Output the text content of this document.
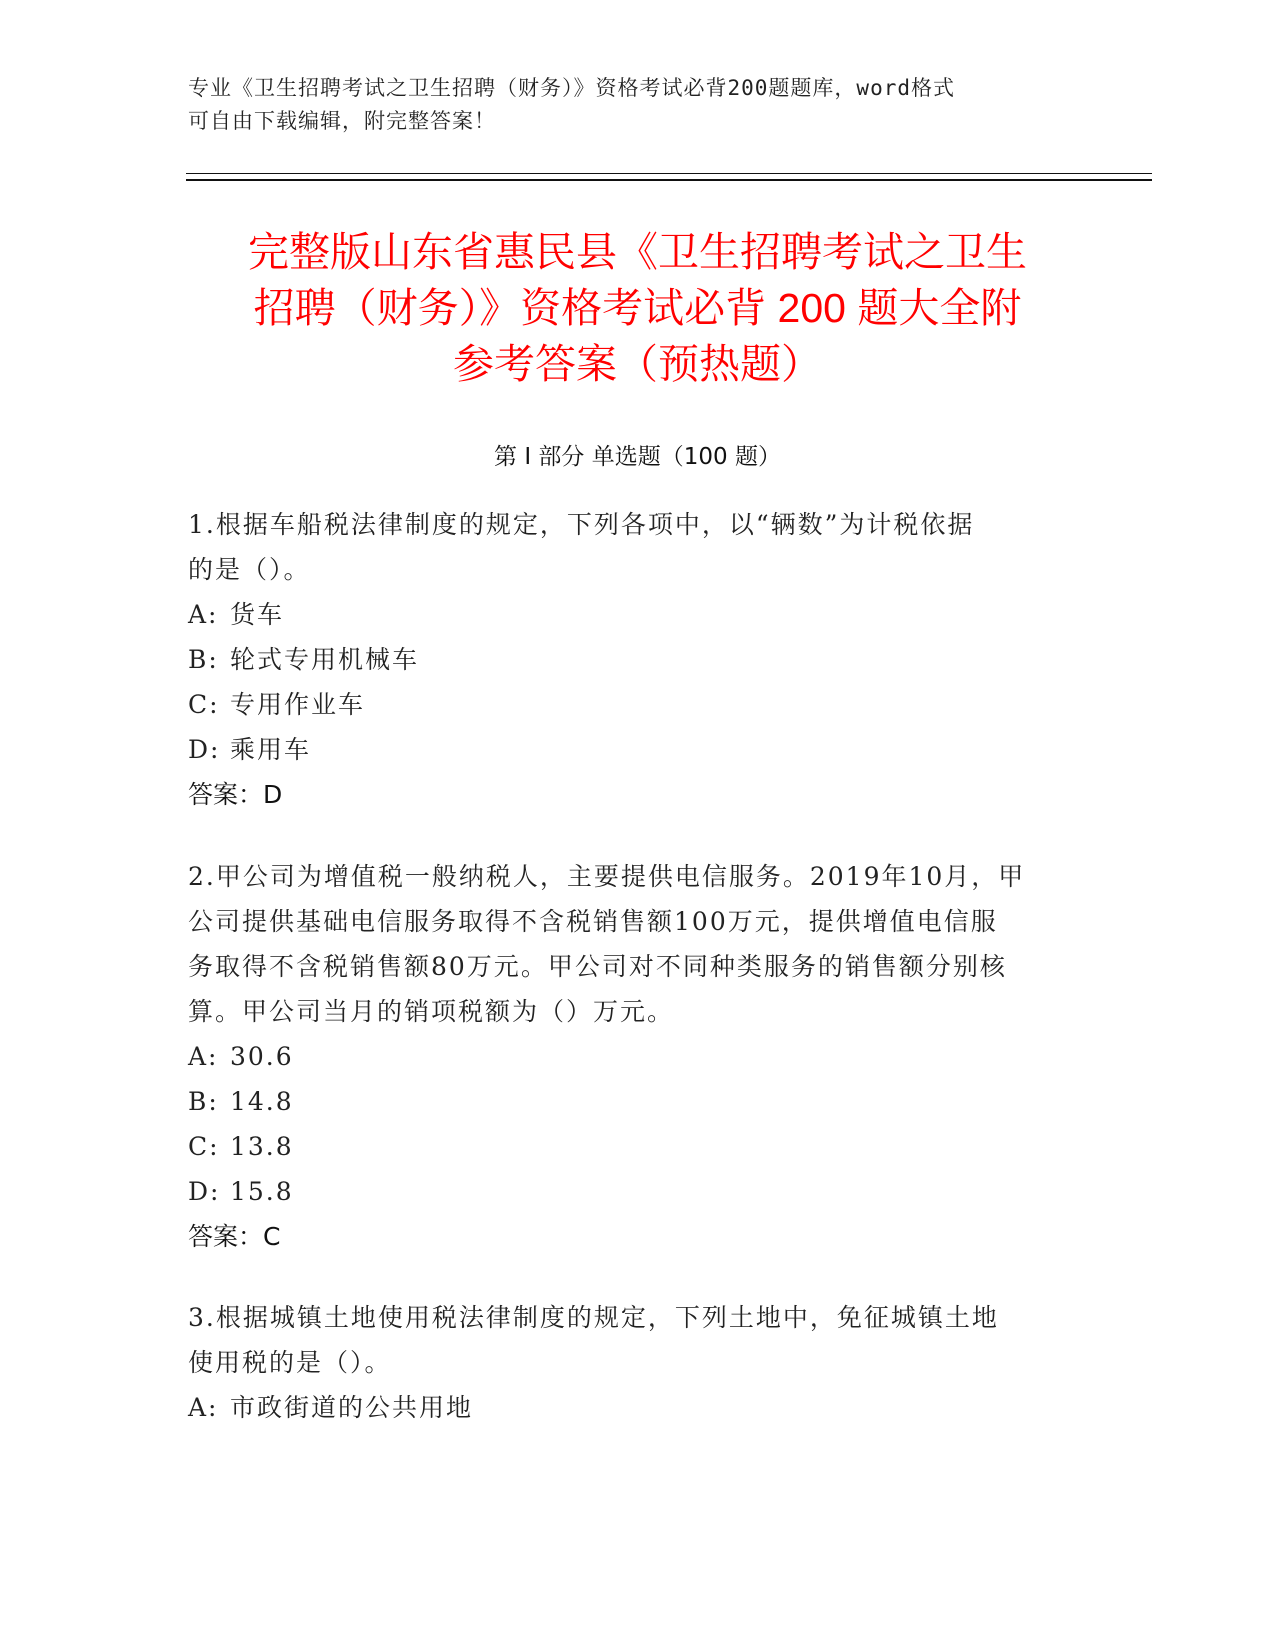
专业《卫生招聘考试之卫生招聘（财务）》资格考试必背200题题库，word格式
可自由下载编辑，附完整答案！
完整版山东省惠民县《卫生招聘考试之卫生
招聘（财务）》资格考试必背 200 题大全附
参考答案（预热题）
第 I 部分 单选题（100 题）

1.根据车船税法律制度的规定，下列各项中，以“辆数”为计税依据

的是（）。

A: 货车
B: 轮式专用机械车
C: 专用作业车
D: 乘用车

答案：D

2.甲公司为增值税一般纳税人，主要提供电信服务。2019年10月，甲

公司提供基础电信服务取得不含税销售额100万元，提供增值电信服

务取得不含税销售额80万元。甲公司对不同种类服务的销售额分别核

算。甲公司当月的销项税额为（）万元。

A: 30.6
B: 14.8
C: 13.8
D: 15.8

答案：C

3.根据城镇土地使用税法律制度的规定，下列土地中，免征城镇土地

使用税的是（）。

A: 市政街道的公共用地
